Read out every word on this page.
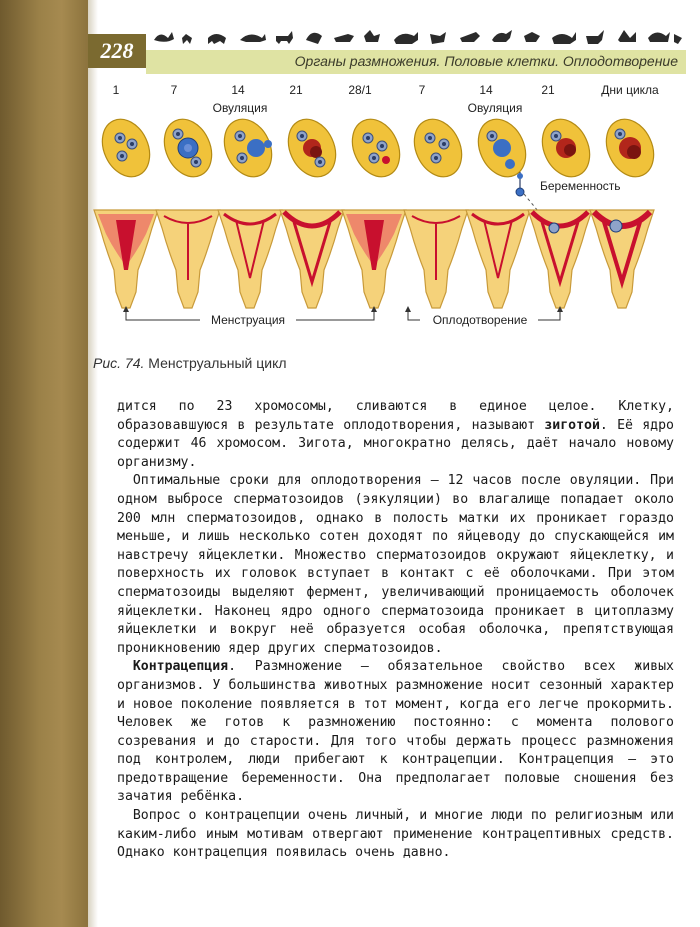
228	Органы размножения. Половые клетки. Оплодотворение
1	7	14	21	28/1	7	14	21	Дни цикла
Овуляция	Овуляция
Беременность
Менструация	Оплодотворение
Рис. 74. Менструальный цикл

дится по 23 хромосомы, сливаются в единое целое. Клетку, образовавшуюся в результате оплодотворения, называют зиготой. Её ядро содержит 46 хромосом. Зигота, многократно делясь, даёт начало новому организму.

Оптимальные сроки для оплодотворения — 12 часов после овуляции. При одном выбросе сперматозоидов (эякуляции) во влагалище попадает около 200 млн сперматозоидов, однако в полость матки их проникает гораздо меньше, и лишь несколько сотен доходят по яйцеводу до спускающейся им навстречу яйцеклетки. Множество сперматозоидов окружают яйцеклетку, и поверхность их головок вступает в контакт с её оболочками. При этом сперматозоиды выделяют фермент, увеличивающий проницаемость оболочек яйцеклетки. Наконец ядро одного сперматозоида проникает в цитоплазму яйцеклетки и вокруг неё образуется особая оболочка, препятствующая проникновению ядер других сперматозоидов.

Контрацепция. Размножение — обязательное свойство всех живых организмов. У большинства животных размножение носит сезонный характер и новое поколение появляется в тот момент, когда его легче прокормить. Человек же готов к размножению постоянно: с момента полового созревания и до старости. Для того чтобы держать процесс размножения под контролем, люди прибегают к контрацепции. Контрацепция — это предотвращение беременности. Она предполагает половые сношения без зачатия ребёнка.

Вопрос о контрацепции очень личный, и многие люди по религиозным или каким-либо иным мотивам отвергают применение контрацептивных средств. Однако контрацепция появилась очень давно.
